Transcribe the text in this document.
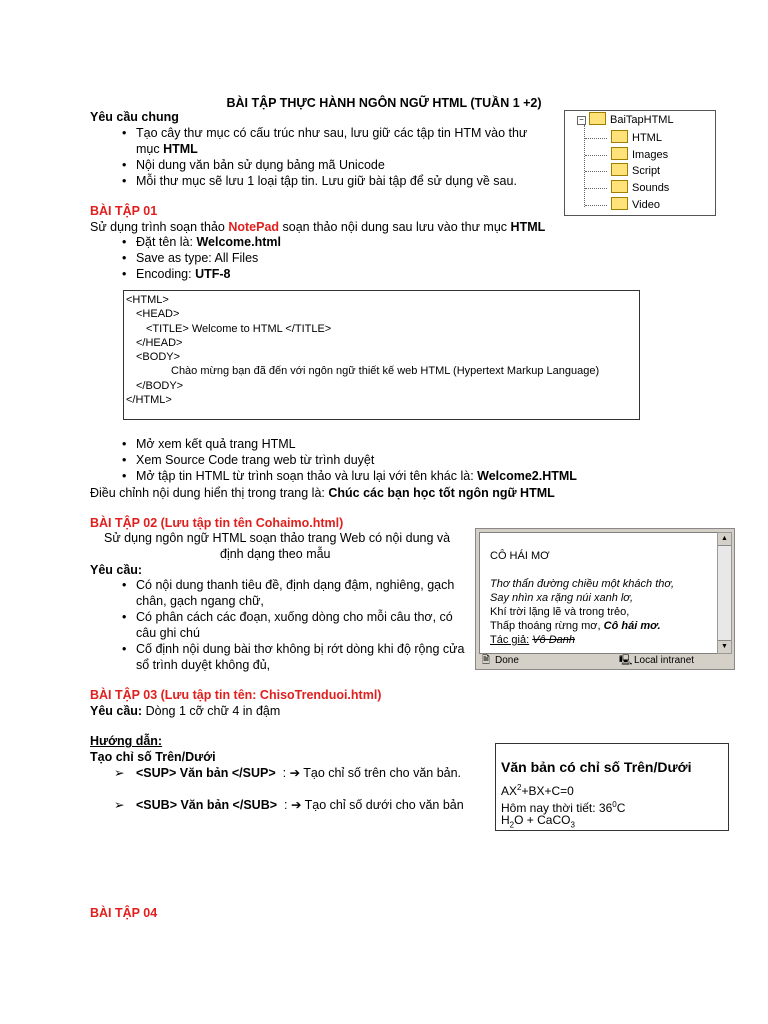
BÀI TẬP THỰC HÀNH NGÔN NGỮ HTML (TUẦN 1 +2)
Yêu cầu chung
• Tạo cây thư mục có cấu trúc như sau, lưu giữ các tập tin HTM vào thư mục HTML
• Nội dung văn bản sử dụng bảng mã Unicode
• Mỗi thư mục sẽ lưu 1 loại tập tin. Lưu giữ bài tập để sử dụng về sau.
−	BaiTapHTML
HTML
Images
Script
Sounds
Video
BÀI TẬP 01
Sử dụng trình soạn thảo NotePad soạn thảo nội dung sau lưu vào thư mục HTML
• Đặt tên là: Welcome.html
• Save as type: All Files
• Encoding: UTF-8
<HTML>
<HEAD>
<TITLE> Welcome to HTML </TITLE>
</HEAD>
<BODY>
Chào mừng bạn đã đến với ngôn ngữ thiết kế web HTML (Hypertext Markup Language)
</BODY>
</HTML>
• Mở xem kết quả trang HTML
• Xem Source Code trang web từ trình duyệt
• Mở tập tin HTML từ trình soạn thảo và lưu lại với tên khác là: Welcome2.HTML
Điều chỉnh nội dung hiển thị trong trang là: Chúc các bạn học tốt ngôn ngữ HTML
BÀI TẬP 02 (Lưu tập tin tên Cohaimo.html)
Sử dụng ngôn ngữ HTML soạn thảo trang Web có nội dung và
định dạng theo mẫu
Yêu cầu:
• Có nội dung thanh tiêu đề, định dạng đậm, nghiêng, gạch chân, gạch ngang chữ,
• Có phân cách các đoạn, xuống dòng cho mỗi câu thơ, có câu ghi chú
• Cố định nội dung bài thơ không bị rớt dòng khi độ rộng cửa sổ trình duyệt không đủ,
CÔ HÁI MƠ
Thơ thẩn đường chiều một khách thơ,
Say nhìn xa rặng núi xanh lơ,
Khí trời lặng lẽ và trong trẻo,
Thấp thoáng rừng mơ, Cô hái mơ.
Tác giả: Vô Danh
▲
▼
🗎 Done	🖳 Local intranet
BÀI TẬP 03 (Lưu tập tin tên: ChisoTrenduoi.html)
Yêu cầu: Dòng 1 cỡ chữ 4 in đậm
Hướng dẫn:
Tạo chỉ số Trên/Dưới
➢ <SUP> Văn bản </SUP>  : ➔ Tạo chỉ số trên cho văn bản.
➢ <SUB> Văn bản </SUB>  : ➔ Tạo chỉ số dưới cho văn bản
Văn bản có chỉ số Trên/Dưới
$AX^2+BX+C=0$
Hôm nay thời tiết: $36^0C$
$H_2O$ + CaCO$_3$
BÀI TẬP 04
